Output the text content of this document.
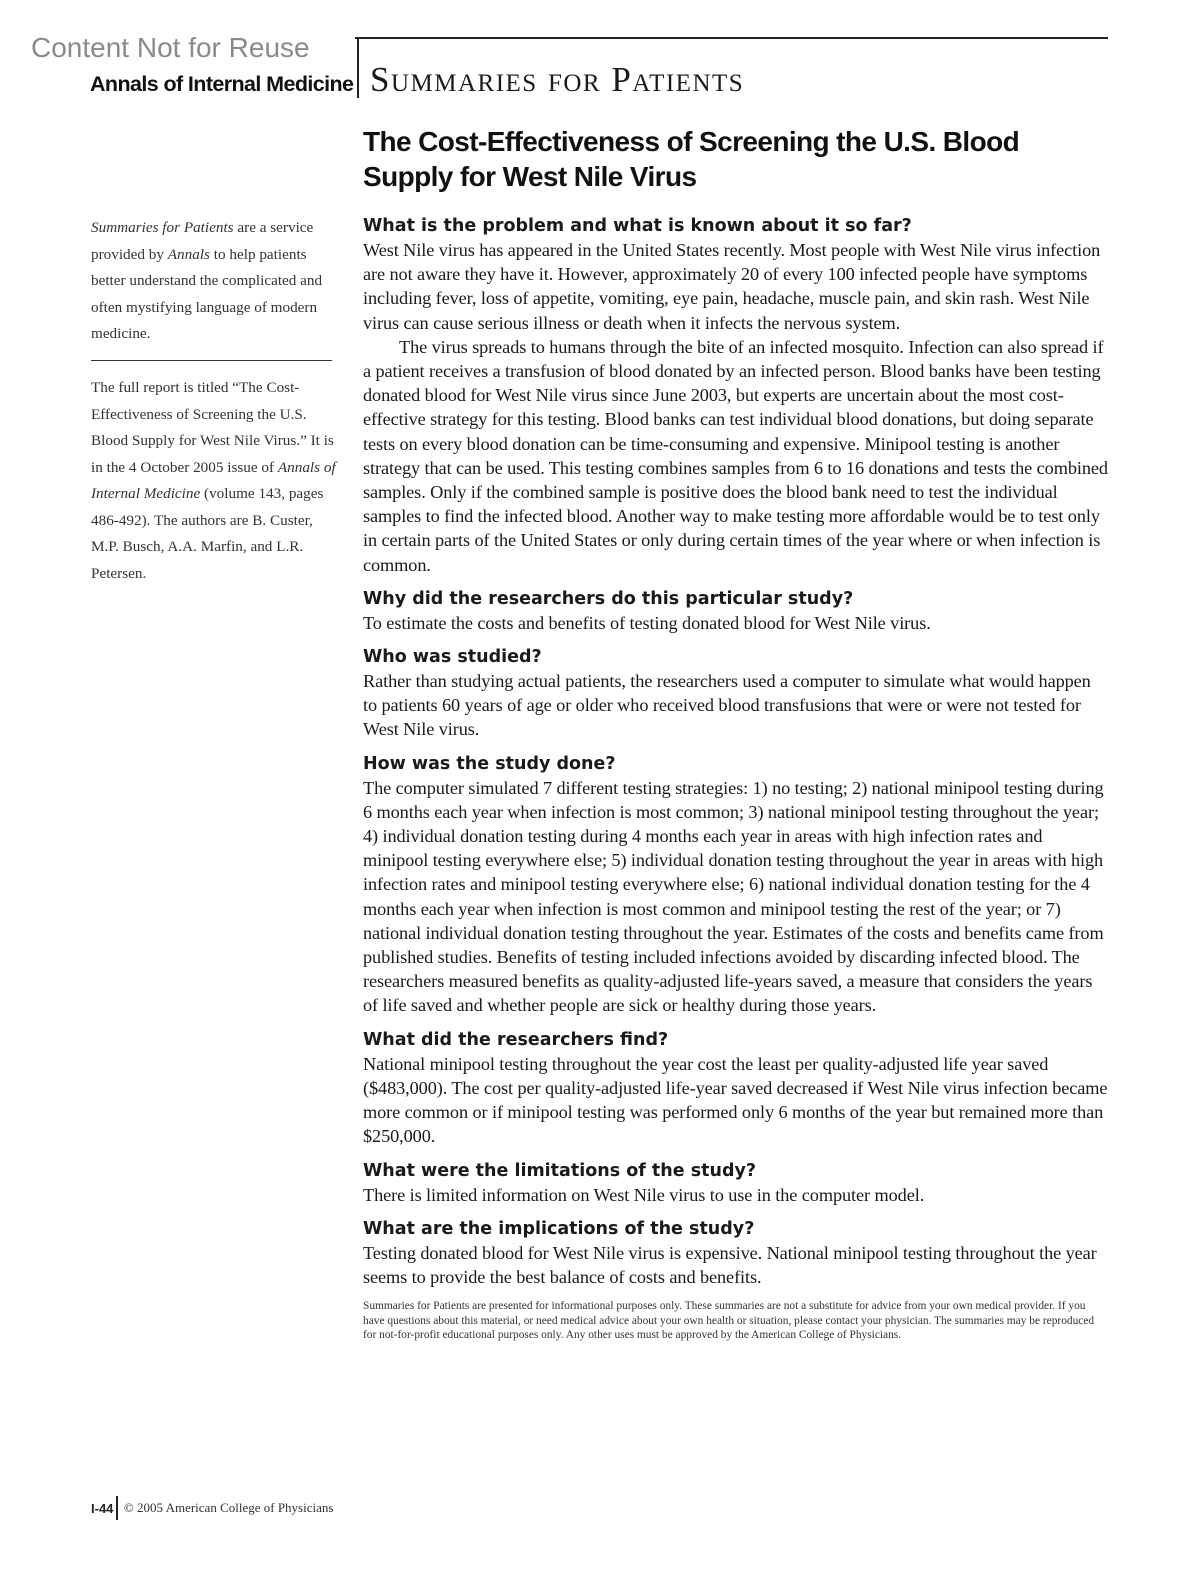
Content Not for Reuse
Annals of Internal Medicine Summaries for Patients
The Cost-Effectiveness of Screening the U.S. Blood Supply for West Nile Virus

Summaries for Patients are a service provided by Annals to help patients better understand the complicated and often mystifying language of modern medicine.

The full report is titled “The Cost-Effectiveness of Screening the U.S. Blood Supply for West Nile Virus.” It is in the 4 October 2005 issue of Annals of Internal Medicine (volume 143, pages 486-492). The authors are B. Custer, M.P. Busch, A.A. Marfin, and L.R. Petersen.

What is the problem and what is known about it so far?

West Nile virus has appeared in the United States recently. Most people with West Nile virus infection are not aware they have it. However, approximately 20 of every 100 infected people have symptoms including fever, loss of appetite, vomiting, eye pain, headache, muscle pain, and skin rash. West Nile virus can cause serious illness or death when it infects the nervous system.

The virus spreads to humans through the bite of an infected mosquito. Infection can also spread if a patient receives a transfusion of blood donated by an infected person. Blood banks have been testing donated blood for West Nile virus since June 2003, but experts are uncertain about the most cost-effective strategy for this testing. Blood banks can test individual blood donations, but doing separate tests on every blood donation can be time-consuming and expensive. Minipool testing is another strategy that can be used. This testing combines samples from 6 to 16 donations and tests the combined samples. Only if the combined sample is positive does the blood bank need to test the individual samples to find the infected blood. Another way to make testing more affordable would be to test only in certain parts of the United States or only during certain times of the year where or when infection is common.

Why did the researchers do this particular study?

To estimate the costs and benefits of testing donated blood for West Nile virus.

Who was studied?

Rather than studying actual patients, the researchers used a computer to simulate what would happen to patients 60 years of age or older who received blood transfusions that were or were not tested for West Nile virus.

How was the study done?

The computer simulated 7 different testing strategies: 1) no testing; 2) national minipool testing during 6 months each year when infection is most common; 3) national minipool testing throughout the year; 4) individual donation testing during 4 months each year in areas with high infection rates and minipool testing everywhere else; 5) individual donation testing throughout the year in areas with high infection rates and minipool testing everywhere else; 6) national individual donation testing for the 4 months each year when infection is most common and minipool testing the rest of the year; or 7) national individual donation testing throughout the year. Estimates of the costs and benefits came from published studies. Benefits of testing included infections avoided by discarding infected blood. The researchers measured benefits as quality-adjusted life-years saved, a measure that considers the years of life saved and whether people are sick or healthy during those years.

What did the researchers find?

National minipool testing throughout the year cost the least per quality-adjusted life year saved ($483,000). The cost per quality-adjusted life-year saved decreased if West Nile virus infection became more common or if minipool testing was performed only 6 months of the year but remained more than $250,000.

What were the limitations of the study?

There is limited information on West Nile virus to use in the computer model.

What are the implications of the study?

Testing donated blood for West Nile virus is expensive. National minipool testing throughout the year seems to provide the best balance of costs and benefits.

Summaries for Patients are presented for informational purposes only. These summaries are not a substitute for advice from your own medical provider. If you have questions about this material, or need medical advice about your own health or situation, please contact your physician. The summaries may be reproduced for not-for-profit educational purposes only. Any other uses must be approved by the American College of Physicians.

I-44 © 2005 American College of Physicians
